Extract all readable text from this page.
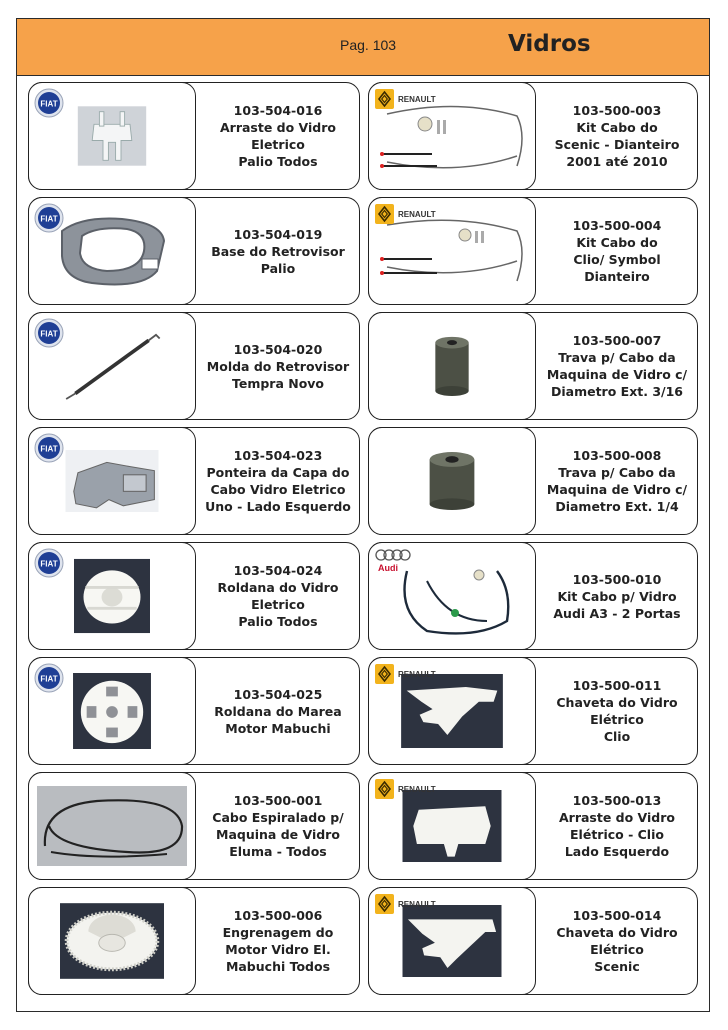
Pag. 103	Vidros
FIAT	103-504-016
Arraste do Vidro
Eletrico
Palio Todos
FIAT
103-504-019
Base do Retrovisor
Palio
FIAT
103-504-020
Molda do Retrovisor
Tempra Novo
FIAT	103-504-023
Ponteira da Capa do
Cabo Vidro Eletrico
Uno - Lado Esquerdo
FIAT	103-504-024
Roldana do Vidro
Eletrico
Palio Todos
FIAT
103-504-025
Roldana do Marea
Motor Mabuchi
103-500-001
Cabo Espiralado p/
Maquina de Vidro
Eluma - Todos
103-500-006
Engrenagem do
Motor Vidro El.
Mabuchi Todos
RENAULT
103-500-003
Kit Cabo do
Scenic - Dianteiro
2001 até 2010
RENAULT
103-500-004
Kit Cabo do
Clio/ Symbol
Dianteiro
103-500-007
Trava p/ Cabo da
Maquina de Vidro c/
Diametro Ext. 3/16
103-500-008
Trava p/ Cabo da
Maquina de Vidro c/
Diametro Ext. 1/4
Audi
103-500-010
Kit Cabo p/ Vidro
Audi A3 - 2 Portas
RENAULT
103-500-011
Chaveta do Vidro
Elétrico
Clio
RENAULT
103-500-013
Arraste do Vidro
Elétrico - Clio
Lado Esquerdo
RENAULT
103-500-014
Chaveta do Vidro
Elétrico
Scenic
